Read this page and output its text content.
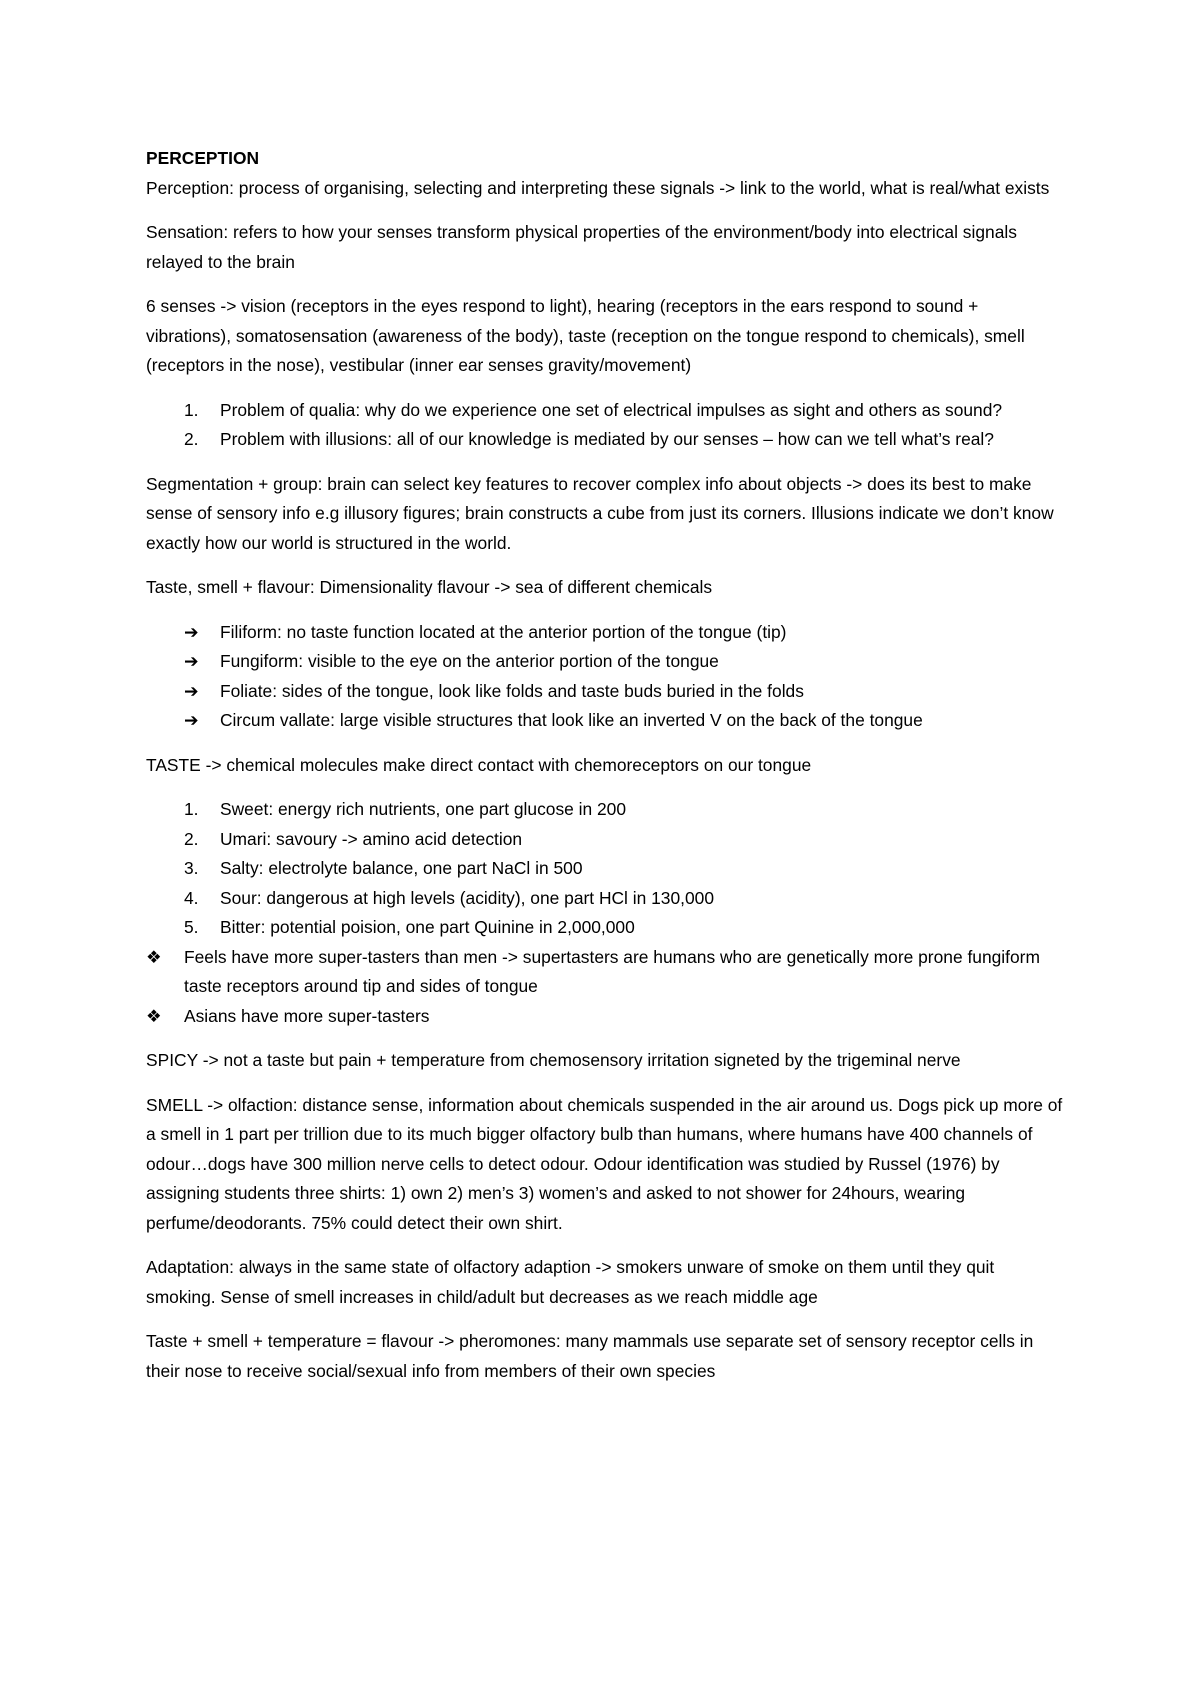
PERCEPTION

Perception: process of organising, selecting and interpreting these signals -> link to the world, what is real/what exists

Sensation: refers to how your senses transform physical properties of the environment/body into electrical signals relayed to the brain

6 senses -> vision (receptors in the eyes respond to light), hearing (receptors in the ears respond to sound + vibrations), somatosensation (awareness of the body), taste (reception on the tongue respond to chemicals), smell (receptors in the nose), vestibular (inner ear senses gravity/movement)

1. Problem of qualia: why do we experience one set of electrical impulses as sight and others as sound?
2. Problem with illusions: all of our knowledge is mediated by our senses – how can we tell what’s real?

Segmentation + group: brain can select key features to recover complex info about objects -> does its best to make sense of sensory info e.g illusory figures; brain constructs a cube from just its corners. Illusions indicate we don’t know exactly how our world is structured in the world.

Taste, smell + flavour: Dimensionality flavour -> sea of different chemicals

➔ Filiform: no taste function located at the anterior portion of the tongue (tip)
➔ Fungiform: visible to the eye on the anterior portion of the tongue
➔ Foliate: sides of the tongue, look like folds and taste buds buried in the folds
➔ Circum vallate: large visible structures that look like an inverted V on the back of the tongue

TASTE -> chemical molecules make direct contact with chemoreceptors on our tongue

1. Sweet: energy rich nutrients, one part glucose in 200
2. Umari: savoury -> amino acid detection
3. Salty: electrolyte balance, one part NaCl in 500
4. Sour: dangerous at high levels (acidity), one part HCl in 130,000
5. Bitter: potential poision, one part Quinine in 2,000,000
❖ Feels have more super-tasters than men -> supertasters are humans who are genetically more prone fungiform taste receptors around tip and sides of tongue
❖ Asians have more super-tasters

SPICY -> not a taste but pain + temperature from chemosensory irritation signeted by the trigeminal nerve

SMELL -> olfaction: distance sense, information about chemicals suspended in the air around us. Dogs pick up more of a smell in 1 part per trillion due to its much bigger olfactory bulb than humans, where humans have 400 channels of odour…dogs have 300 million nerve cells to detect odour. Odour identification was studied by Russel (1976) by assigning students three shirts: 1) own 2) men’s 3) women’s and asked to not shower for 24hours, wearing perfume/deodorants. 75% could detect their own shirt.

Adaptation: always in the same state of olfactory adaption -> smokers unware of smoke on them until they quit smoking. Sense of smell increases in child/adult but decreases as we reach middle age

Taste + smell + temperature = flavour -> pheromones: many mammals use separate set of sensory receptor cells in their nose to receive social/sexual info from members of their own species
